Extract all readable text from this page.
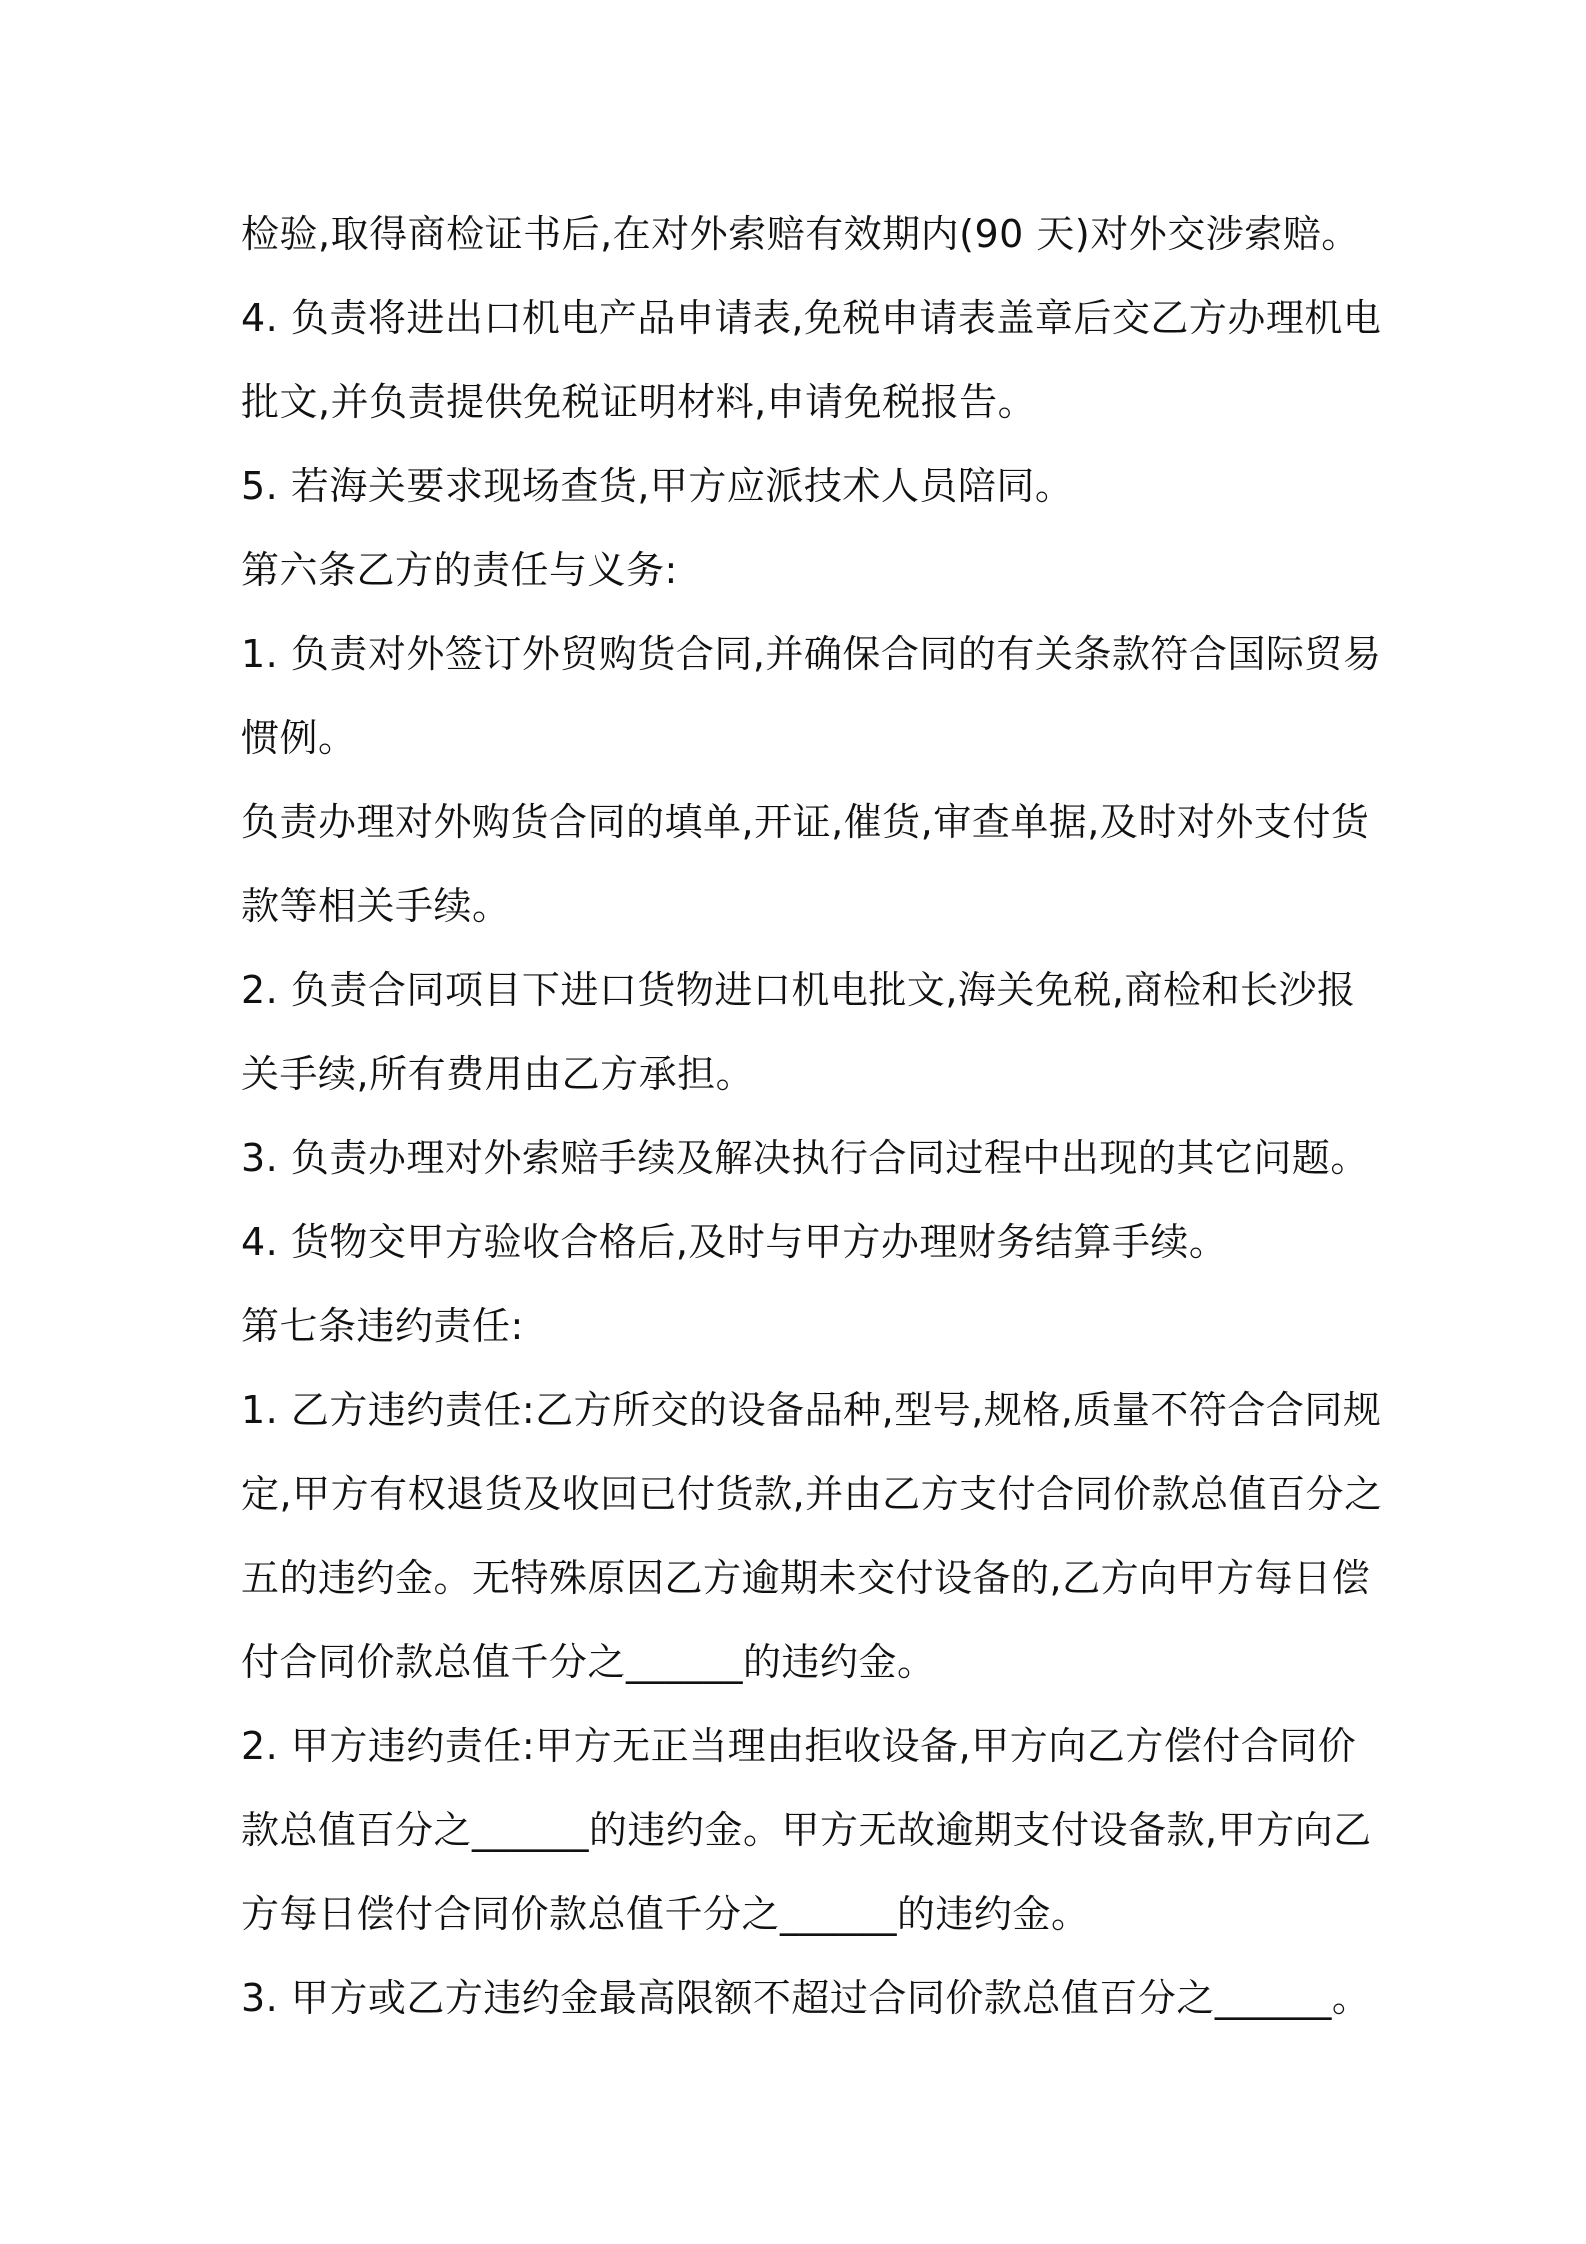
检验,取得商检证书后,在对外索赔有效期内(90 天)对外交涉索赔。
4. 负责将进出口机电产品申请表,免税申请表盖章后交乙方办理机电
批文,并负责提供免税证明材料,申请免税报告。
5. 若海关要求现场查货,甲方应派技术人员陪同。
第六条乙方的责任与义务:
1. 负责对外签订外贸购货合同,并确保合同的有关条款符合国际贸易
惯例。
负责办理对外购货合同的填单,开证,催货,审查单据,及时对外支付货
款等相关手续。
2. 负责合同项目下进口货物进口机电批文,海关免税,商检和长沙报
关手续,所有费用由乙方承担。
3. 负责办理对外索赔手续及解决执行合同过程中出现的其它问题。
4. 货物交甲方验收合格后,及时与甲方办理财务结算手续。
第七条违约责任:
1. 乙方违约责任:乙方所交的设备品种,型号,规格,质量不符合合同规
定,甲方有权退货及收回已付货款,并由乙方支付合同价款总值百分之
五的违约金。无特殊原因乙方逾期未交付设备的,乙方向甲方每日偿
付合同价款总值千分之______的违约金。
2. 甲方违约责任:甲方无正当理由拒收设备,甲方向乙方偿付合同价
款总值百分之______的违约金。甲方无故逾期支付设备款,甲方向乙
方每日偿付合同价款总值千分之______的违约金。
3. 甲方或乙方违约金最高限额不超过合同价款总值百分之______。
